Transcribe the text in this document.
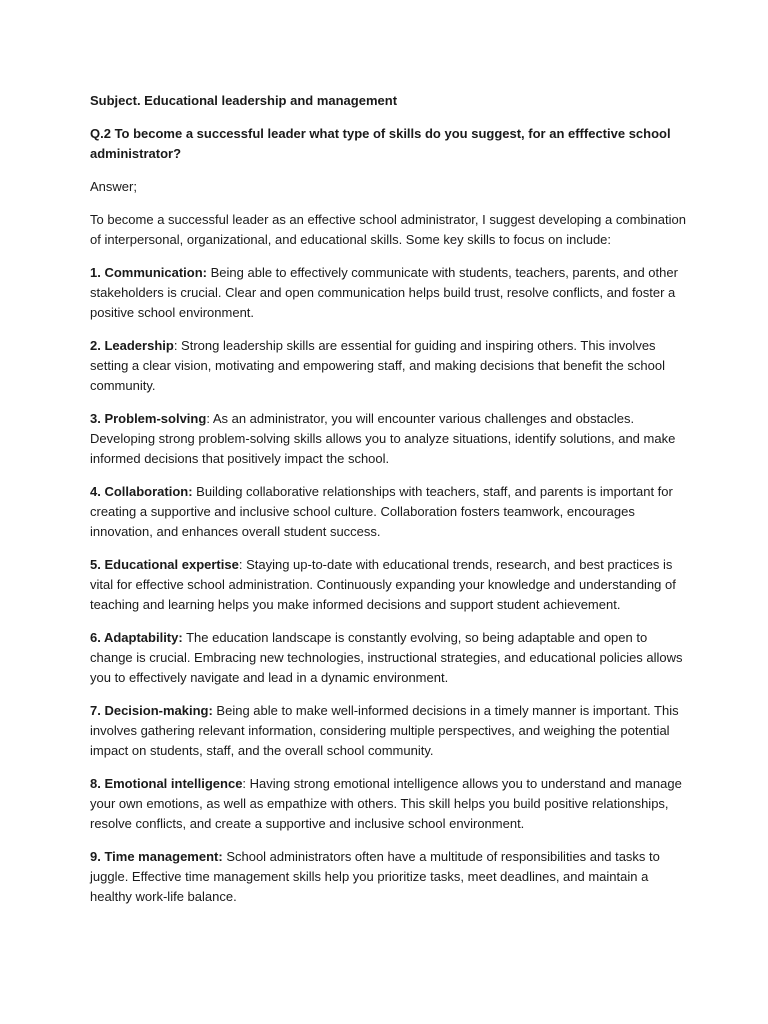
Subject. Educational leadership and management

Q.2 To become a successful leader what type of skills do you suggest, for an efffective school administrator?

Answer;

To become a successful leader as an effective school administrator, I suggest developing a combination of interpersonal, organizational, and educational skills. Some key skills to focus on include:

1. Communication: Being able to effectively communicate with students, teachers, parents, and other stakeholders is crucial. Clear and open communication helps build trust, resolve conflicts, and foster a positive school environment.

2. Leadership: Strong leadership skills are essential for guiding and inspiring others. This involves setting a clear vision, motivating and empowering staff, and making decisions that benefit the school community.

3. Problem-solving: As an administrator, you will encounter various challenges and obstacles. Developing strong problem-solving skills allows you to analyze situations, identify solutions, and make informed decisions that positively impact the school.

4. Collaboration: Building collaborative relationships with teachers, staff, and parents is important for creating a supportive and inclusive school culture. Collaboration fosters teamwork, encourages innovation, and enhances overall student success.

5. Educational expertise: Staying up-to-date with educational trends, research, and best practices is vital for effective school administration. Continuously expanding your knowledge and understanding of teaching and learning helps you make informed decisions and support student achievement.

6. Adaptability: The education landscape is constantly evolving, so being adaptable and open to change is crucial. Embracing new technologies, instructional strategies, and educational policies allows you to effectively navigate and lead in a dynamic environment.

7. Decision-making: Being able to make well-informed decisions in a timely manner is important. This involves gathering relevant information, considering multiple perspectives, and weighing the potential impact on students, staff, and the overall school community.

8. Emotional intelligence: Having strong emotional intelligence allows you to understand and manage your own emotions, as well as empathize with others. This skill helps you build positive relationships, resolve conflicts, and create a supportive and inclusive school environment.

9. Time management: School administrators often have a multitude of responsibilities and tasks to juggle. Effective time management skills help you prioritize tasks, meet deadlines, and maintain a healthy work-life balance.
